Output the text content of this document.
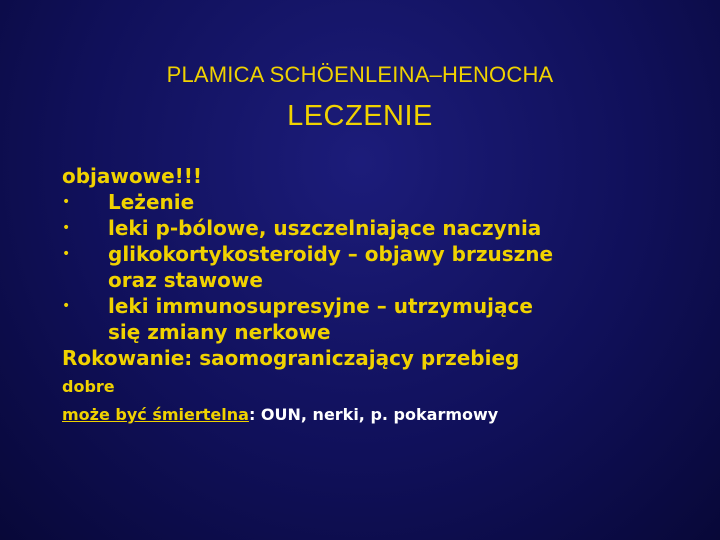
PLAMICA SCHÖENLEINA–HENOCHA
LECZENIE
objawowe!!!
• Leżenie
• leki p-bólowe, uszczelniające naczynia
• glikokortykosteroidy – objawy brzuszne
oraz stawowe
• leki immunosupresyjne – utrzymujące
się zmiany nerkowe
Rokowanie: saomograniczający przebieg
dobre
może być śmiertelna: OUN, nerki, p. pokarmowy
